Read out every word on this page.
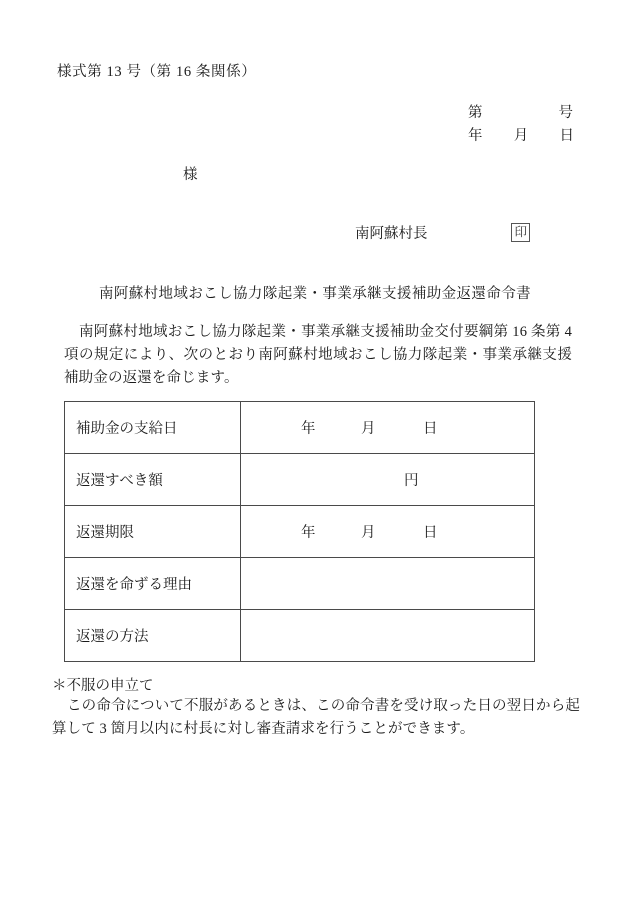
様式第 13 号（第 16 条関係）
第	号
年 月 日
様
南阿蘇村長	印
南阿蘇村地域おこし協力隊起業・事業承継支援補助金返還命令書
南阿蘇村地域おこし協力隊起業・事業承継支援補助金交付要綱第 16 条第 4 項の規定により、次のとおり南阿蘇村地域おこし協力隊起業・事業承継支援補助金の返還を命じます。
補助金の支給日	年 月 日

返還すべき額	円

返還期限	年 月 日

返還を命ずる理由	
返還の方法	
＊不服の申立て
この命令について不服があるときは、この命令書を受け取った日の翌日から起算して 3 箇月以内に村長に対し審査請求を行うことができます。
